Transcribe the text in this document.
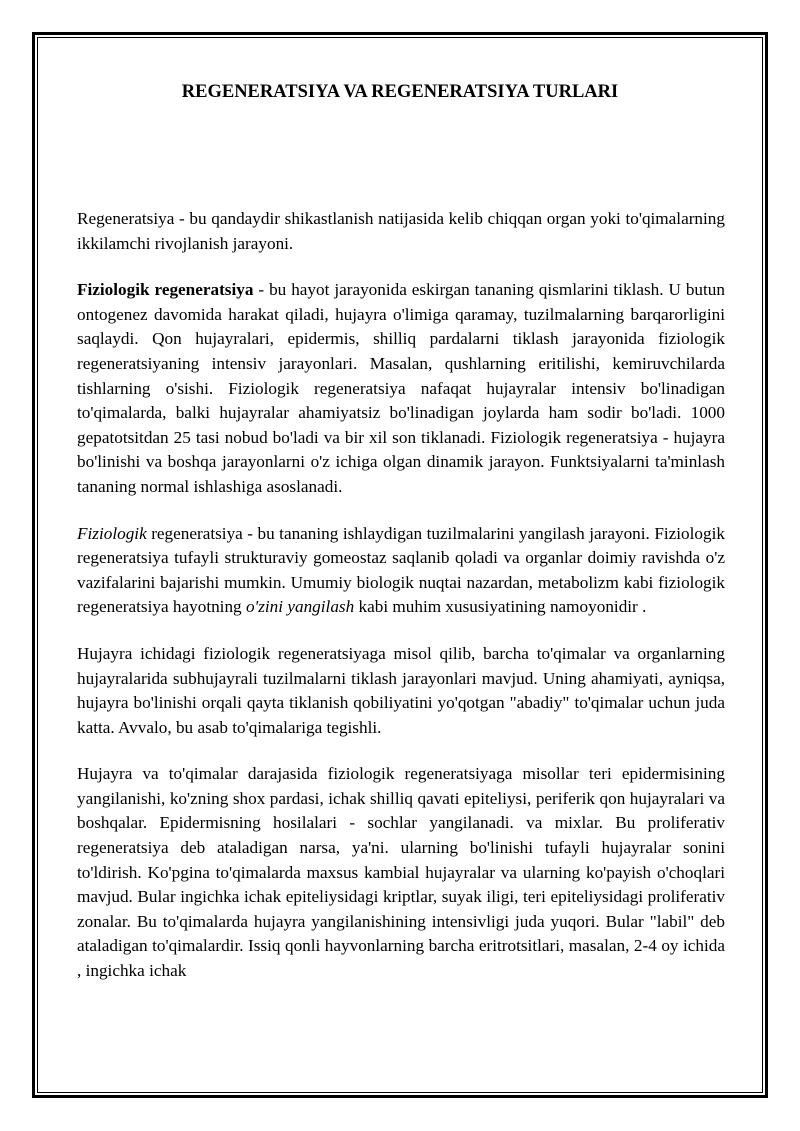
REGENERATSIYA VA REGENERATSIYA TURLARI

Regeneratsiya - bu qandaydir shikastlanish natijasida kelib chiqqan organ yoki to'qimalarning ikkilamchi rivojlanish jarayoni.

Fiziologik regeneratsiya - bu hayot jarayonida eskirgan tananing qismlarini tiklash. U butun ontogenez davomida harakat qiladi, hujayra o'limiga qaramay, tuzilmalarning barqarorligini saqlaydi. Qon hujayralari, epidermis, shilliq pardalarni tiklash jarayonida fiziologik regeneratsiyaning intensiv jarayonlari. Masalan, qushlarning eritilishi, kemiruvchilarda tishlarning o'sishi. Fiziologik regeneratsiya nafaqat hujayralar intensiv bo'linadigan to'qimalarda, balki hujayralar ahamiyatsiz bo'linadigan joylarda ham sodir bo'ladi. 1000 gepatotsitdan 25 tasi nobud bo'ladi va bir xil son tiklanadi. Fiziologik regeneratsiya - hujayra bo'linishi va boshqa jarayonlarni o'z ichiga olgan dinamik jarayon. Funktsiyalarni ta'minlash tananing normal ishlashiga asoslanadi.

Fiziologik regeneratsiya - bu tananing ishlaydigan tuzilmalarini yangilash jarayoni. Fiziologik regeneratsiya tufayli strukturaviy gomeostaz saqlanib qoladi va organlar doimiy ravishda o'z vazifalarini bajarishi mumkin. Umumiy biologik nuqtai nazardan, metabolizm kabi fiziologik regeneratsiya hayotning o'zini yangilash kabi muhim xususiyatining namoyonidir .

Hujayra ichidagi fiziologik regeneratsiyaga misol qilib, barcha to'qimalar va organlarning hujayralarida subhujayrali tuzilmalarni tiklash jarayonlari mavjud. Uning ahamiyati, ayniqsa, hujayra bo'linishi orqali qayta tiklanish qobiliyatini yo'qotgan "abadiy" to'qimalar uchun juda katta. Avvalo, bu asab to'qimalariga tegishli.

Hujayra va to'qimalar darajasida fiziologik regeneratsiyaga misollar teri epidermisining yangilanishi, ko'zning shox pardasi, ichak shilliq qavati epiteliysi, periferik qon hujayralari va boshqalar. Epidermisning hosilalari - sochlar yangilanadi. va mixlar. Bu proliferativ regeneratsiya deb ataladigan narsa, ya'ni. ularning bo'linishi tufayli hujayralar sonini to'ldirish. Ko'pgina to'qimalarda maxsus kambial hujayralar va ularning ko'payish o'choqlari mavjud. Bular ingichka ichak epiteliysidagi kriptlar, suyak iligi, teri epiteliysidagi proliferativ zonalar. Bu to'qimalarda hujayra yangilanishining intensivligi juda yuqori. Bular "labil" deb ataladigan to'qimalardir. Issiq qonli hayvonlarning barcha eritrotsitlari, masalan, 2-4 oy ichida , ingichka ichak
